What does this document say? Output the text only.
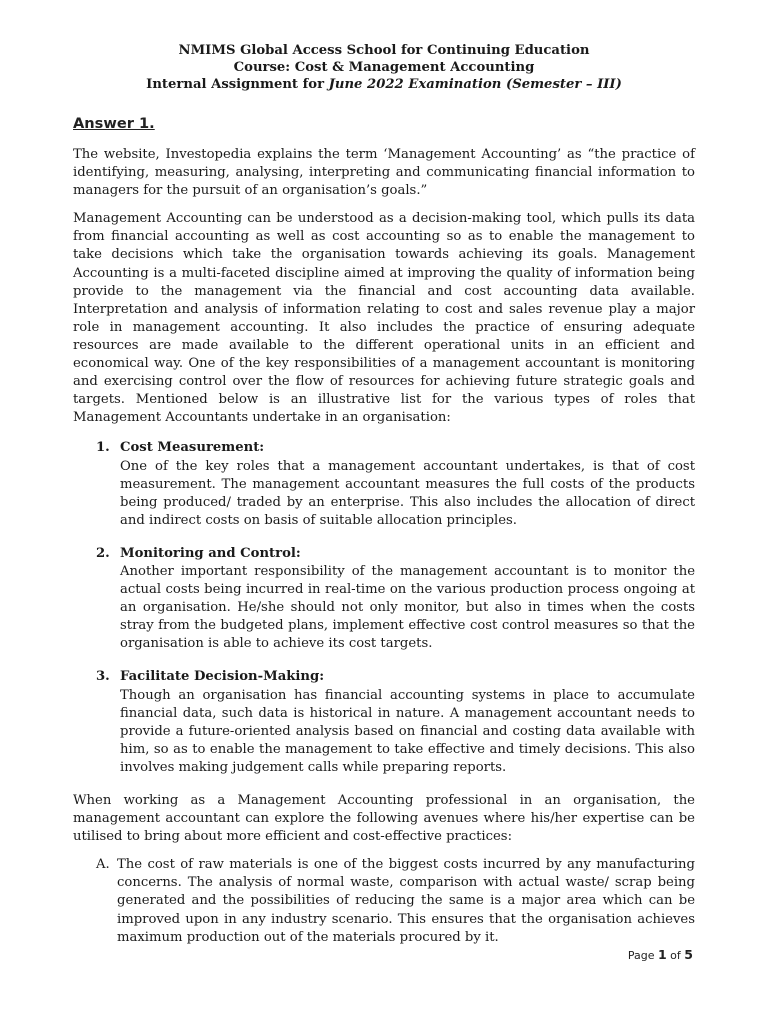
NMIMS Global Access School for Continuing Education
Course: Cost & Management Accounting
Internal Assignment for June 2022 Examination (Semester – III)
Answer 1.

The website, Investopedia explains the term ‘Management Accounting’ as “the practice of identifying, measuring, analysing, interpreting and communicating financial information to managers for the pursuit of an organisation’s goals.”

Management Accounting can be understood as a decision-making tool, which pulls its data from financial accounting as well as cost accounting so as to enable the management to take decisions which take the organisation towards achieving its goals. Management Accounting is a multi-faceted discipline aimed at improving the quality of information being provide to the management via the financial and cost accounting data available. Interpretation and analysis of information relating to cost and sales revenue play a major role in management accounting. It also includes the practice of ensuring adequate resources are made available to the different operational units in an efficient and economical way. One of the key responsibilities of a management accountant is monitoring and exercising control over the flow of resources for achieving future strategic goals and targets. Mentioned below is an illustrative list for the various types of roles that Management Accountants undertake in an organisation:

1. Cost Measurement:
One of the key roles that a management accountant undertakes, is that of cost measurement. The management accountant measures the full costs of the products being produced/ traded by an enterprise. This also includes the allocation of direct and indirect costs on basis of suitable allocation principles.
2. Monitoring and Control:
Another important responsibility of the management accountant is to monitor the actual costs being incurred in real-time on the various production process ongoing at an organisation. He/she should not only monitor, but also in times when the costs stray from the budgeted plans, implement effective cost control measures so that the organisation is able to achieve its cost targets.
3. Facilitate Decision-Making:
Though an organisation has financial accounting systems in place to accumulate financial data, such data is historical in nature. A management accountant needs to provide a future-oriented analysis based on financial and costing data available with him, so as to enable the management to take effective and timely decisions. This also involves making judgement calls while preparing reports.

When working as a Management Accounting professional in an organisation, the management accountant can explore the following avenues where his/her expertise can be utilised to bring about more efficient and cost-effective practices:

A. The cost of raw materials is one of the biggest costs incurred by any manufacturing concerns. The analysis of normal waste, comparison with actual waste/ scrap being generated and the possibilities of reducing the same is a major area which can be improved upon in any industry scenario. This ensures that the organisation achieves maximum production out of the materials procured by it.
Page 1 of 5
